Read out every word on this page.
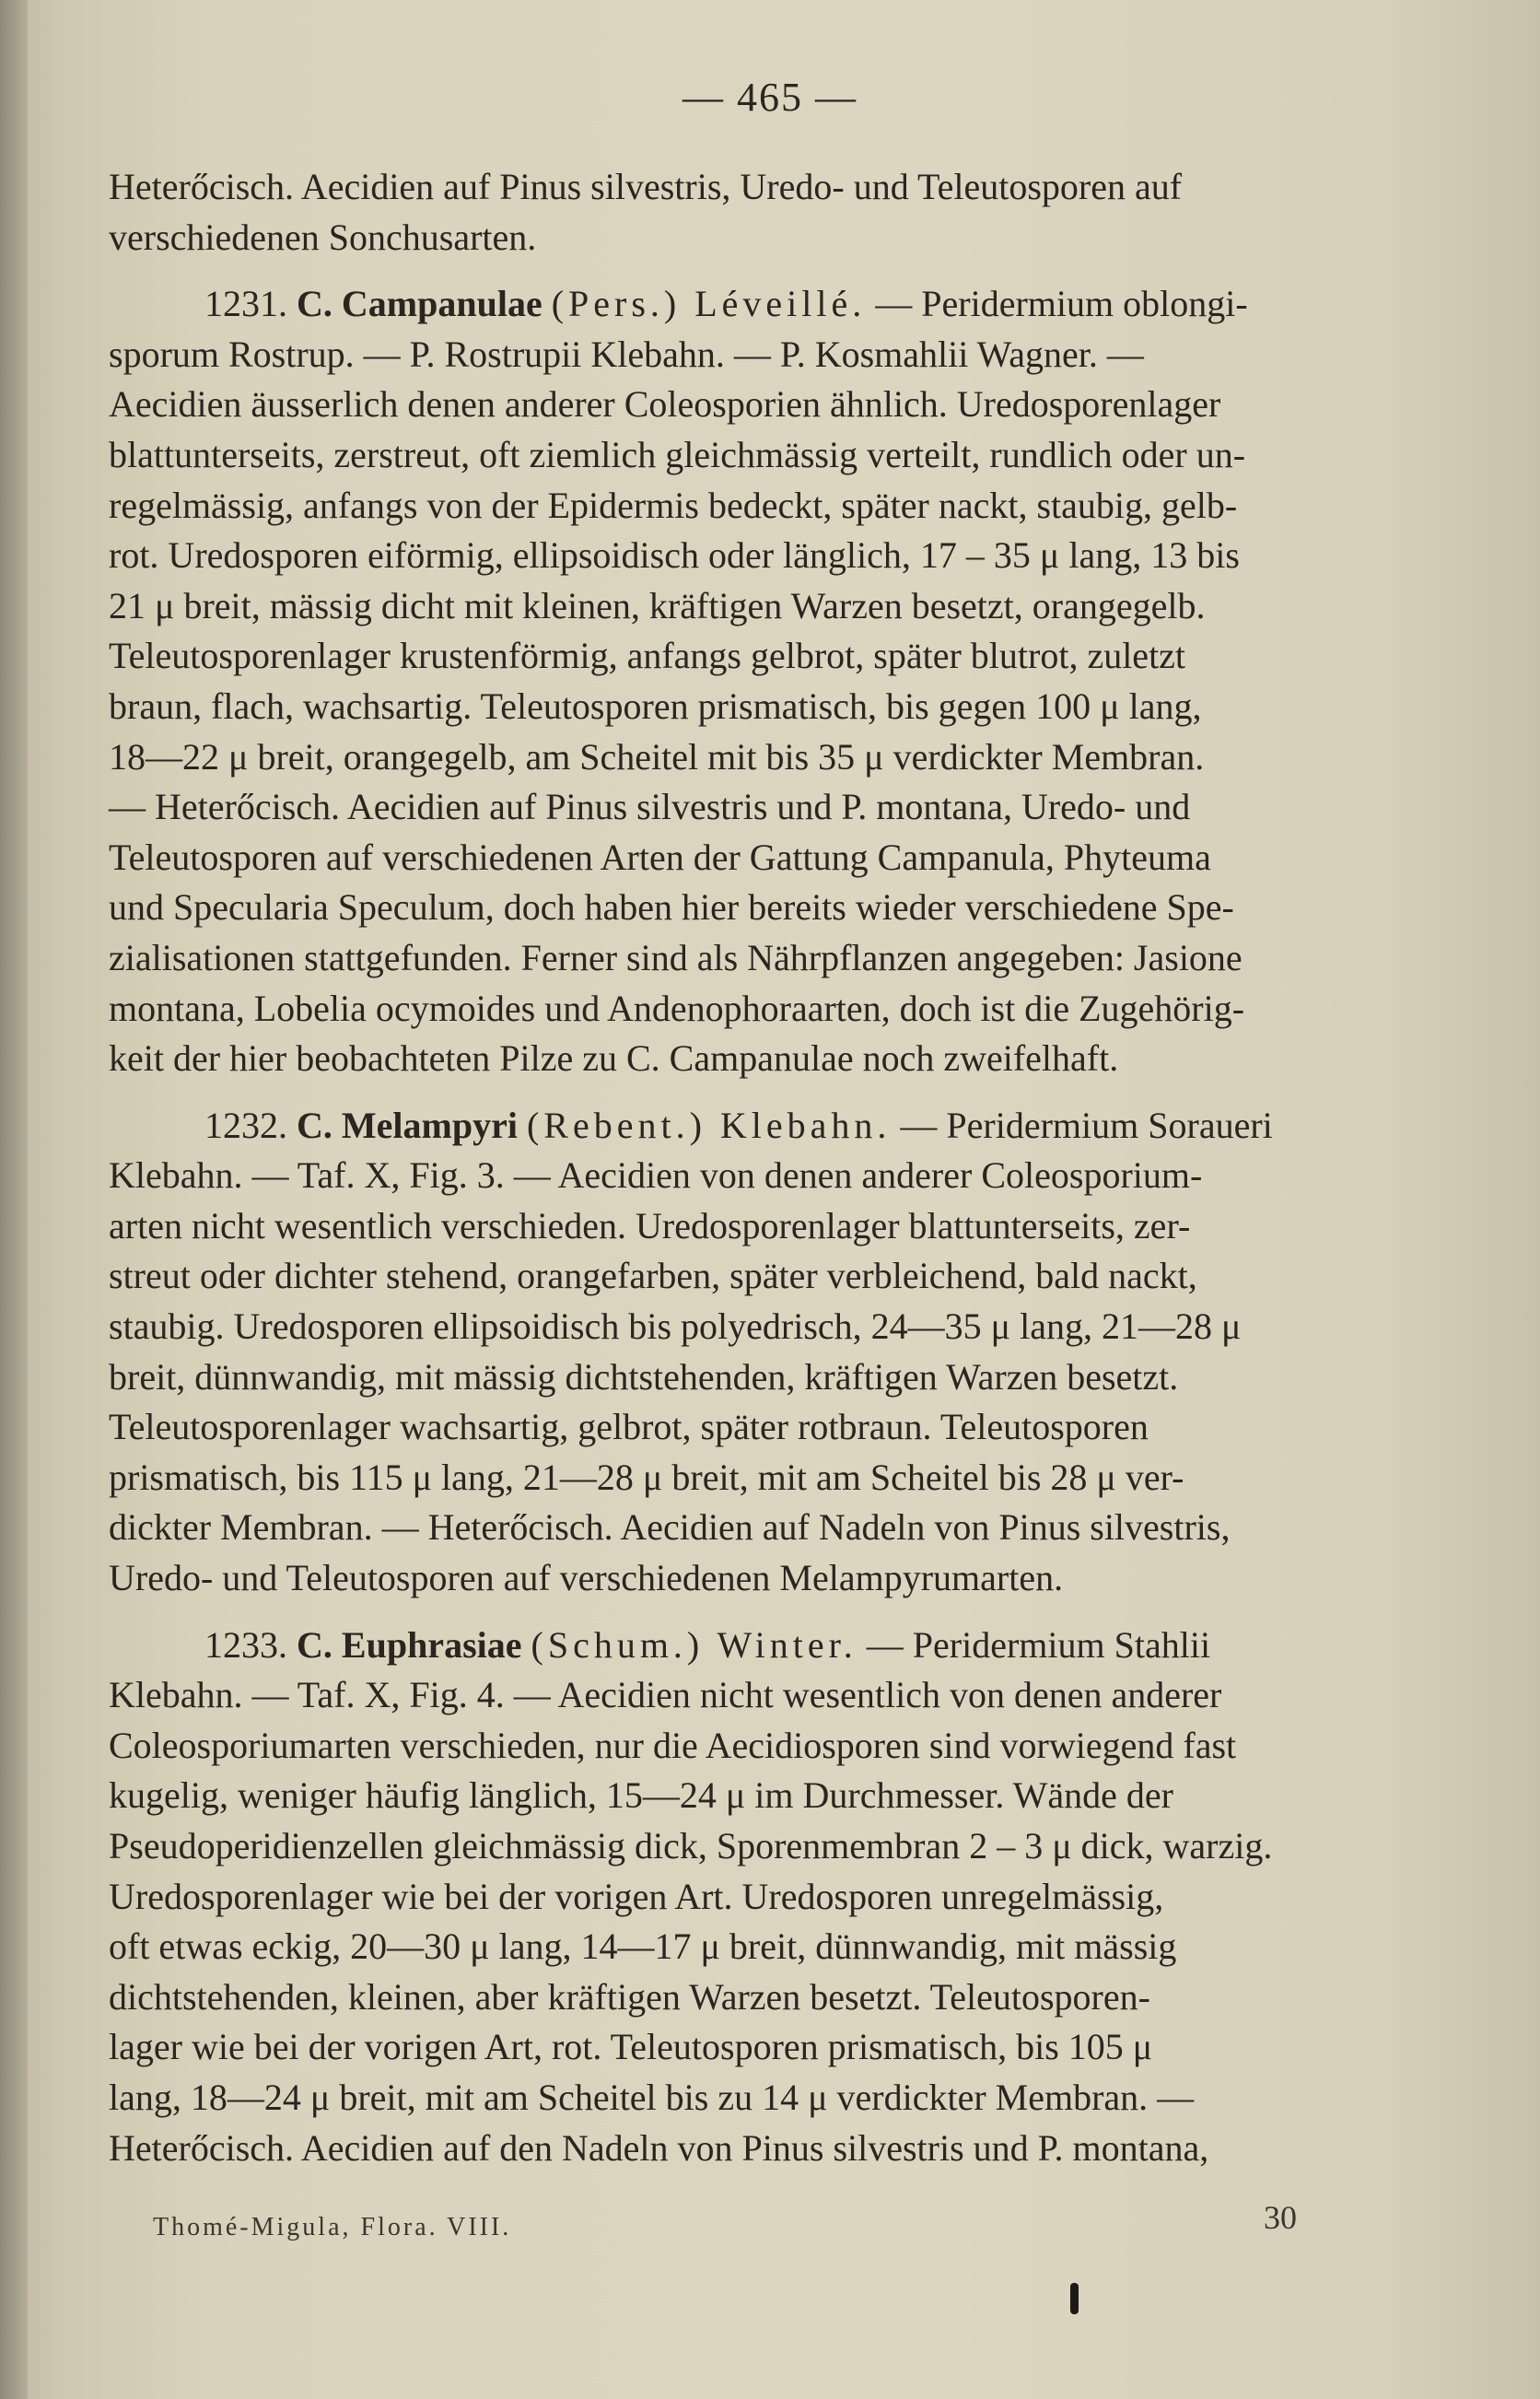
— 465 —
Heterőcisch. Aecidien auf Pinus silvestris, Uredo- und Teleutosporen auf
verschiedenen Sonchusarten.
1231. C. Campanulae (Pers.) Léveillé. — Peridermium oblongi-
sporum Rostrup. — P. Rostrupii Klebahn. — P. Kosmahlii Wagner. —
Aecidien äusserlich denen anderer Coleosporien ähnlich. Uredosporenlager
blattunterseits, zerstreut, oft ziemlich gleichmässig verteilt, rundlich oder un-
regelmässig, anfangs von der Epidermis bedeckt, später nackt, staubig, gelb-
rot. Uredosporen eiförmig, ellipsoidisch oder länglich, 17 – 35 μ lang, 13 bis
21 μ breit, mässig dicht mit kleinen, kräftigen Warzen besetzt, orangegelb.
Teleutosporenlager krustenförmig, anfangs gelbrot, später blutrot, zuletzt
braun, flach, wachsartig. Teleutosporen prismatisch, bis gegen 100 μ lang,
18—22 μ breit, orangegelb, am Scheitel mit bis 35 μ verdickter Membran.
— Heterőcisch. Aecidien auf Pinus silvestris und P. montana, Uredo- und
Teleutosporen auf verschiedenen Arten der Gattung Campanula, Phyteuma
und Specularia Speculum, doch haben hier bereits wieder verschiedene Spe-
zialisationen stattgefunden. Ferner sind als Nährpflanzen angegeben: Jasione
montana, Lobelia ocymoides und Andenophoraarten, doch ist die Zugehörig-
keit der hier beobachteten Pilze zu C. Campanulae noch zweifelhaft.
1232. C. Melampyri (Rebent.) Klebahn. — Peridermium Soraueri
Klebahn. — Taf. X, Fig. 3. — Aecidien von denen anderer Coleosporium-
arten nicht wesentlich verschieden. Uredosporenlager blattunterseits, zer-
streut oder dichter stehend, orangefarben, später verbleichend, bald nackt,
staubig. Uredosporen ellipsoidisch bis polyedrisch, 24—35 μ lang, 21—28 μ
breit, dünnwandig, mit mässig dichtstehenden, kräftigen Warzen besetzt.
Teleutosporenlager wachsartig, gelbrot, später rotbraun. Teleutosporen
prismatisch, bis 115 μ lang, 21—28 μ breit, mit am Scheitel bis 28 μ ver-
dickter Membran. — Heterőcisch. Aecidien auf Nadeln von Pinus silvestris,
Uredo- und Teleutosporen auf verschiedenen Melampyrumarten.
1233. C. Euphrasiae (Schum.) Winter. — Peridermium Stahlii
Klebahn. — Taf. X, Fig. 4. — Aecidien nicht wesentlich von denen anderer
Coleosporiumarten verschieden, nur die Aecidiosporen sind vorwiegend fast
kugelig, weniger häufig länglich, 15—24 μ im Durchmesser. Wände der
Pseudoperidienzellen gleichmässig dick, Sporenmembran 2 – 3 μ dick, warzig.
Uredosporenlager wie bei der vorigen Art. Uredosporen unregelmässig,
oft etwas eckig, 20—30 μ lang, 14—17 μ breit, dünnwandig, mit mässig
dichtstehenden, kleinen, aber kräftigen Warzen besetzt. Teleutosporen-
lager wie bei der vorigen Art, rot. Teleutosporen prismatisch, bis 105 μ
lang, 18—24 μ breit, mit am Scheitel bis zu 14 μ verdickter Membran. —
Heterőcisch. Aecidien auf den Nadeln von Pinus silvestris und P. montana,
Thomé-Migula, Flora. VIII.	30
